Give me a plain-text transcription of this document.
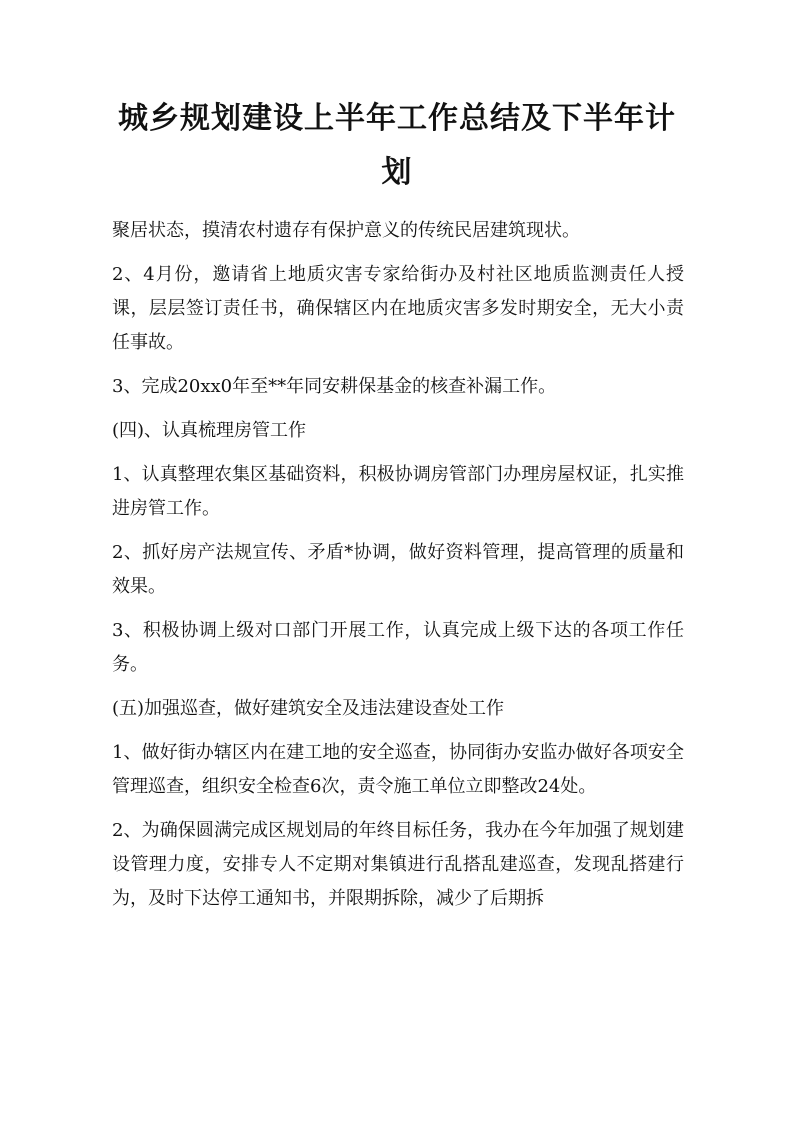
城乡规划建设上半年工作总结及下半年计划

聚居状态，摸清农村遗存有保护意义的传统民居建筑现状。

2、4月份，邀请省上地质灾害专家给街办及村社区地质监测责任人授课，层层签订责任书，确保辖区内在地质灾害多发时期安全，无大小责任事故。

3、完成20xx0年至**年同安耕保基金的核查补漏工作。

(四)、认真梳理房管工作

1、认真整理农集区基础资料，积极协调房管部门办理房屋权证，扎实推进房管工作。

2、抓好房产法规宣传、矛盾*协调，做好资料管理，提高管理的质量和效果。

3、积极协调上级对口部门开展工作，认真完成上级下达的各项工作任务。

(五)加强巡查，做好建筑安全及违法建设查处工作

1、做好街办辖区内在建工地的安全巡查，协同街办安监办做好各项安全管理巡查，组织安全检查6次，责令施工单位立即整改24处。

2、为确保圆满完成区规划局的年终目标任务，我办在今年加强了规划建设管理力度，安排专人不定期对集镇进行乱搭乱建巡查，发现乱搭建行为，及时下达停工通知书，并限期拆除，减少了后期拆
